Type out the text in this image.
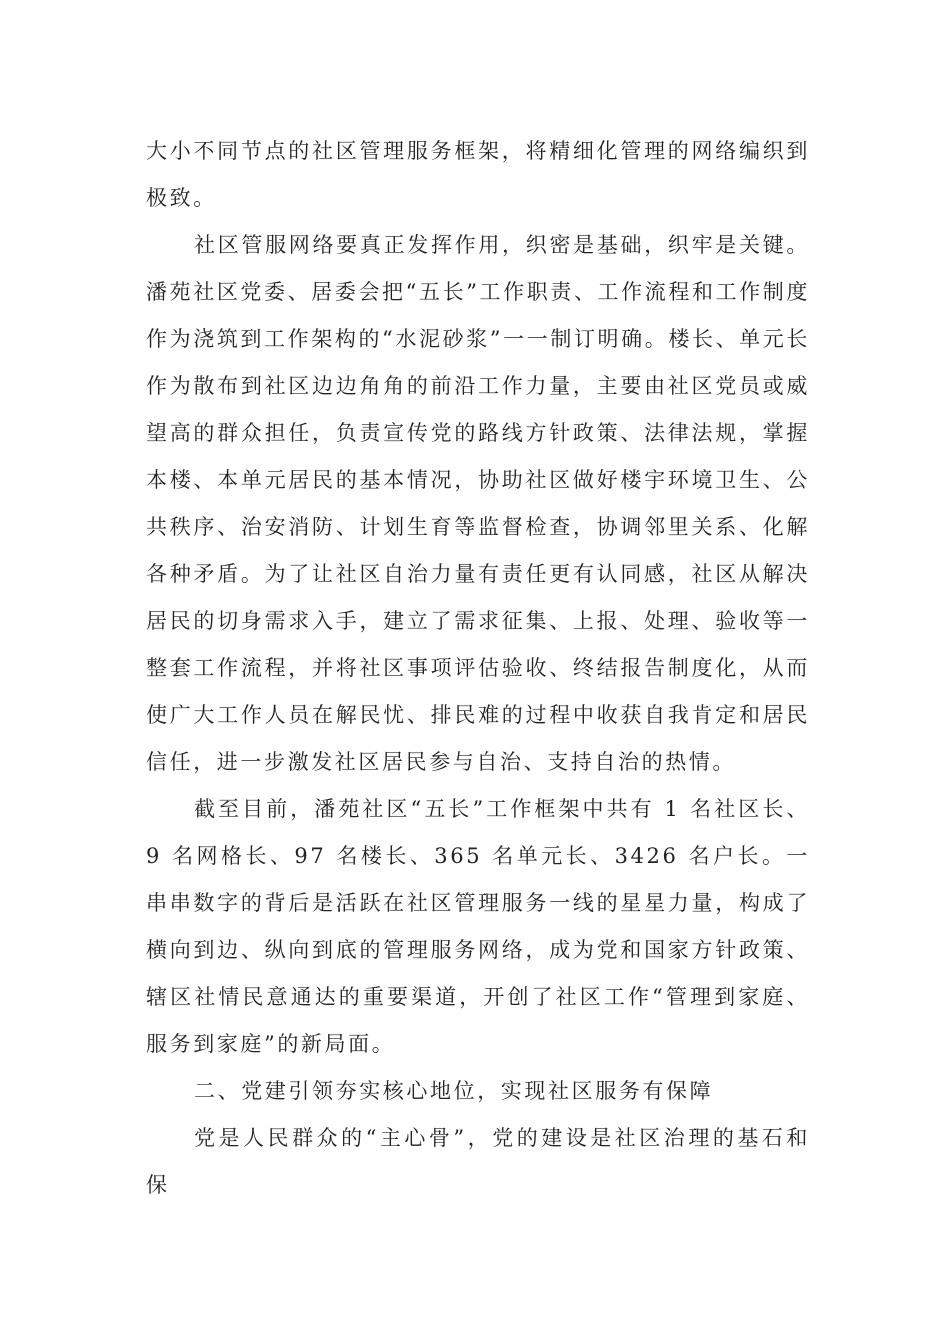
大小不同节点的社区管理服务框架，将精细化管理的网络编织到极致。

社区管服网络要真正发挥作用，织密是基础，织牢是关键。潘苑社区党委、居委会把“五长”工作职责、工作流程和工作制度作为浇筑到工作架构的“水泥砂浆”一一制订明确。楼长、单元长作为散布到社区边边角角的前沿工作力量，主要由社区党员或威望高的群众担任，负责宣传党的路线方针政策、法律法规，掌握本楼、本单元居民的基本情况，协助社区做好楼宇环境卫生、公共秩序、治安消防、计划生育等监督检查，协调邻里关系、化解各种矛盾。为了让社区自治力量有责任更有认同感，社区从解决居民的切身需求入手，建立了需求征集、上报、处理、验收等一整套工作流程，并将社区事项评估验收、终结报告制度化，从而使广大工作人员在解民忧、排民难的过程中收获自我肯定和居民信任，进一步激发社区居民参与自治、支持自治的热情。

截至目前，潘苑社区“五长”工作框架中共有 1 名社区长、9 名网格长、97 名楼长、365 名单元长、3426 名户长。一串串数字的背后是活跃在社区管理服务一线的星星力量，构成了横向到边、纵向到底的管理服务网络，成为党和国家方针政策、辖区社情民意通达的重要渠道，开创了社区工作“管理到家庭、服务到家庭”的新局面。

二、党建引领夯实核心地位，实现社区服务有保障

党是人民群众的“主心骨”，党的建设是社区治理的基石和保
